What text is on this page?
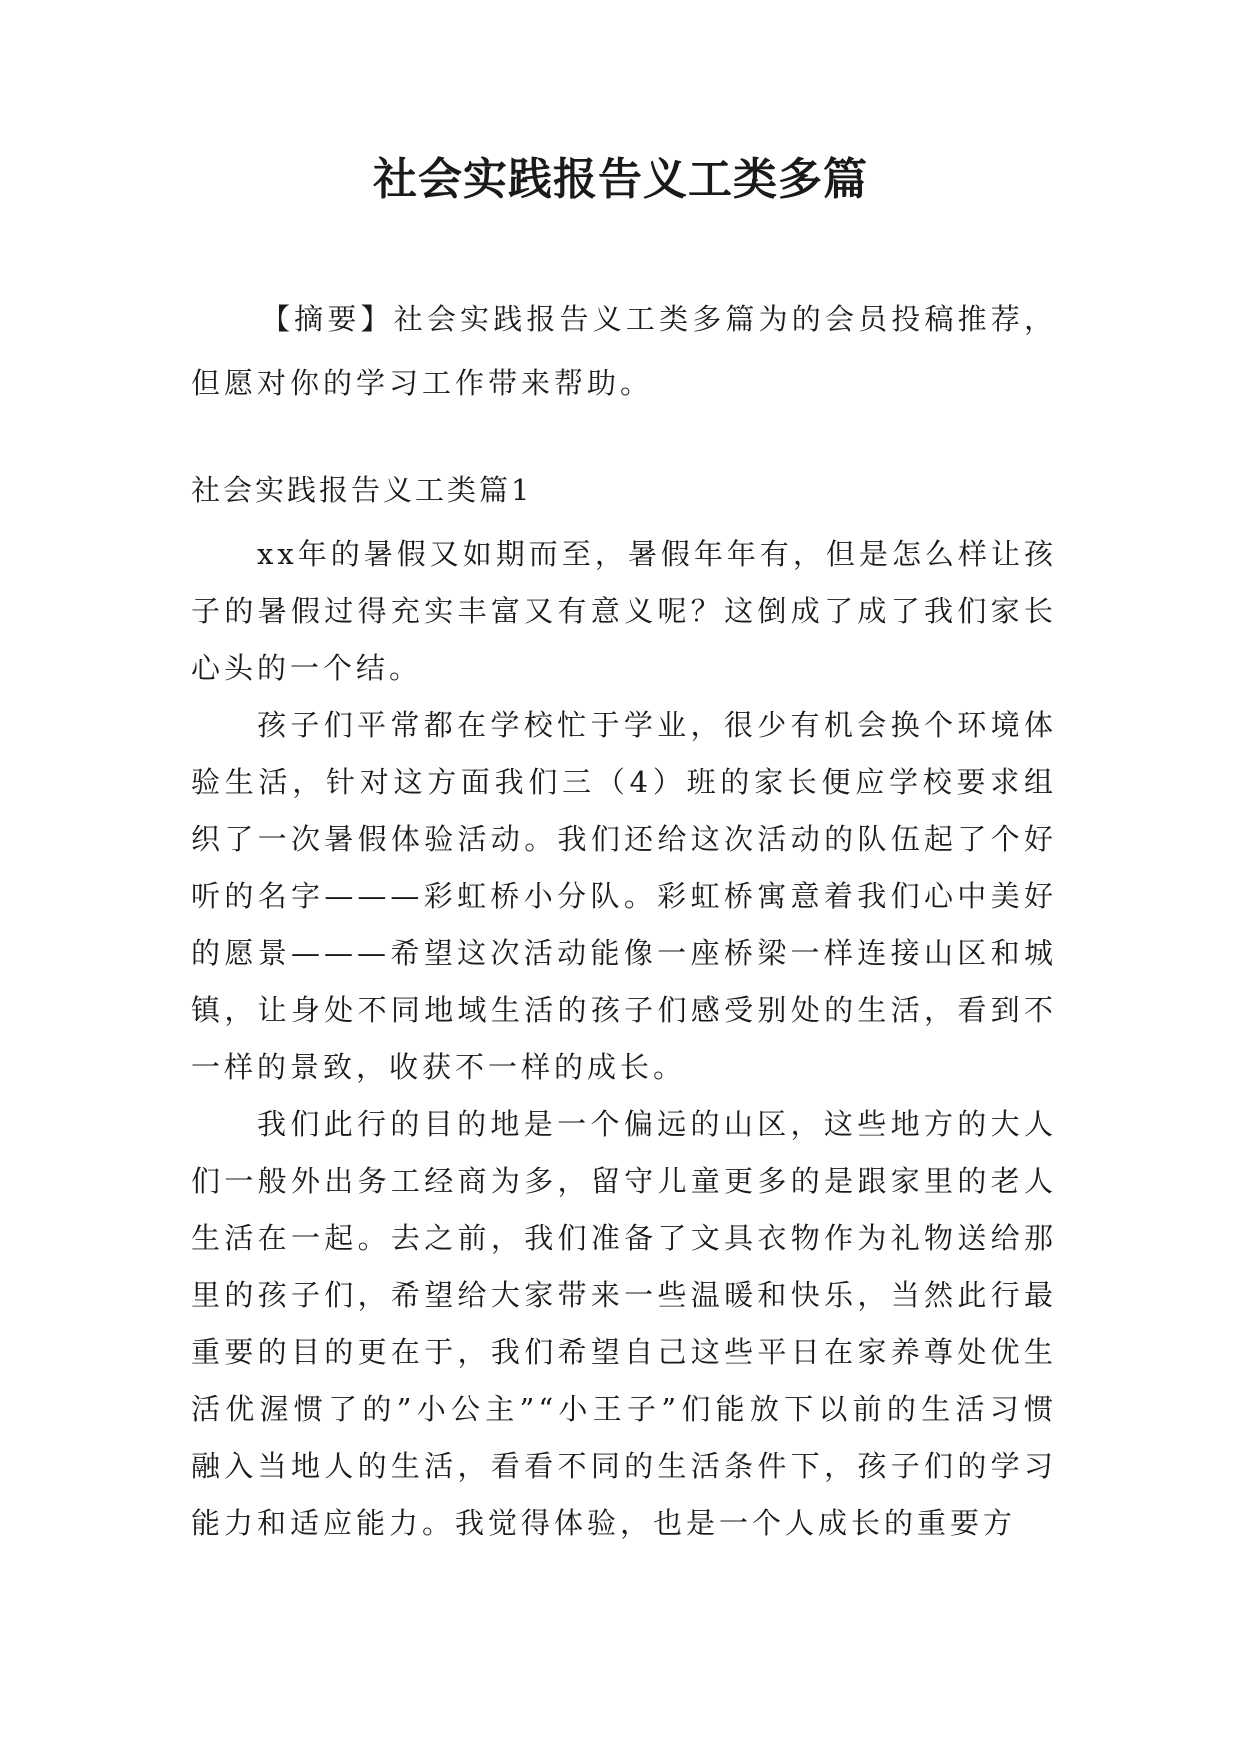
社会实践报告义工类多篇

【摘要】社会实践报告义工类多篇为的会员投稿推荐，但愿对你的学习工作带来帮助。

社会实践报告义工类篇1

xx年的暑假又如期而至，暑假年年有，但是怎么样让孩子的暑假过得充实丰富又有意义呢？这倒成了成了我们家长心头的一个结。

孩子们平常都在学校忙于学业，很少有机会换个环境体验生活，针对这方面我们三（4）班的家长便应学校要求组织了一次暑假体验活动。我们还给这次活动的队伍起了个好听的名字———彩虹桥小分队。彩虹桥寓意着我们心中美好的愿景———希望这次活动能像一座桥梁一样连接山区和城镇，让身处不同地域生活的孩子们感受别处的生活，看到不一样的景致，收获不一样的成长。

我们此行的目的地是一个偏远的山区，这些地方的大人们一般外出务工经商为多，留守儿童更多的是跟家里的老人生活在一起。去之前，我们准备了文具衣物作为礼物送给那里的孩子们，希望给大家带来一些温暖和快乐，当然此行最重要的目的更在于，我们希望自己这些平日在家养尊处优生活优渥惯了的”小公主”“小王子”们能放下以前的生活习惯融入当地人的生活，看看不同的生活条件下，孩子们的学习能力和适应能力。我觉得体验，也是一个人成长的重要方
